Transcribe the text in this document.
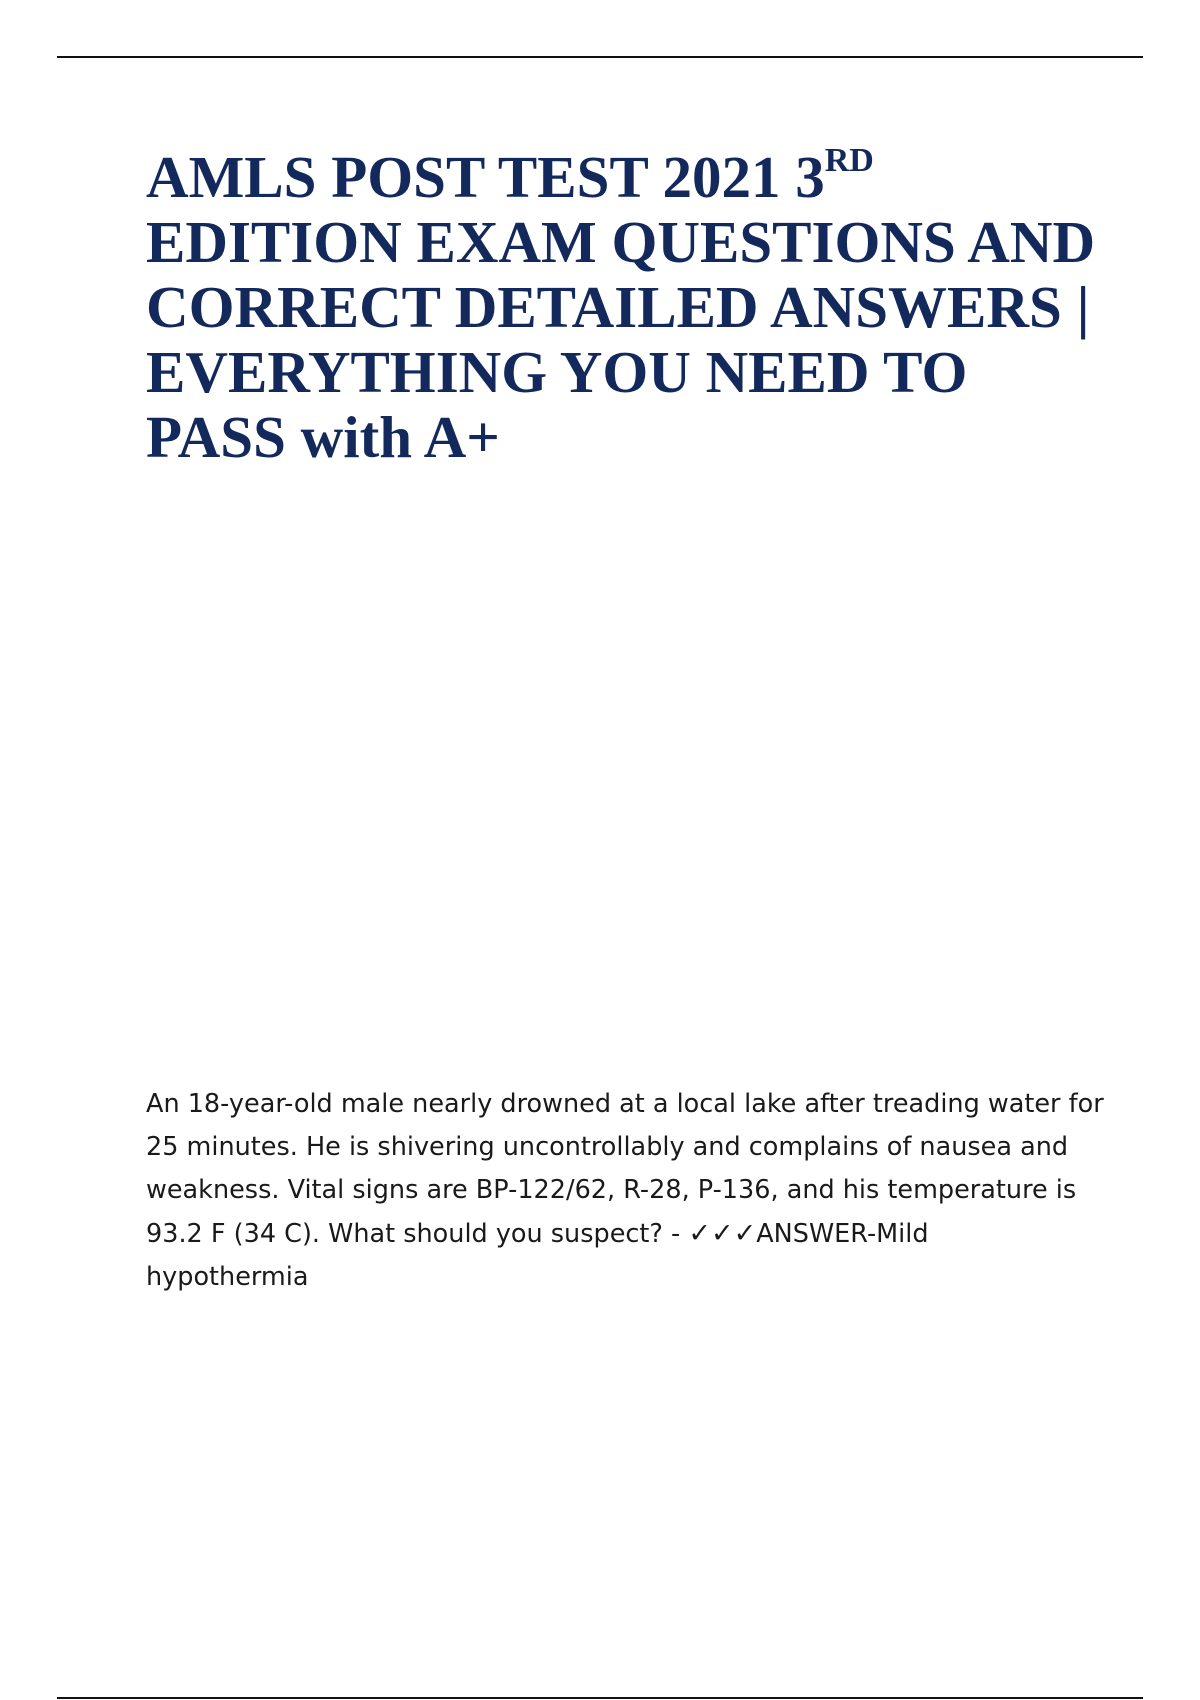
AMLS POST TEST 2021 3RD
EDITION EXAM QUESTIONS AND
CORRECT DETAILED ANSWERS |
EVERYTHING YOU NEED TO
PASS with A+

An 18-year-old male nearly drowned at a local lake after treading water for
25 minutes. He is shivering uncontrollably and complains of nausea and
weakness. Vital signs are BP-122/62, R-28, P-136, and his temperature is
93.2 F (34 C). What should you suspect? - ✓✓✓ANSWER-Mild
hypothermia
